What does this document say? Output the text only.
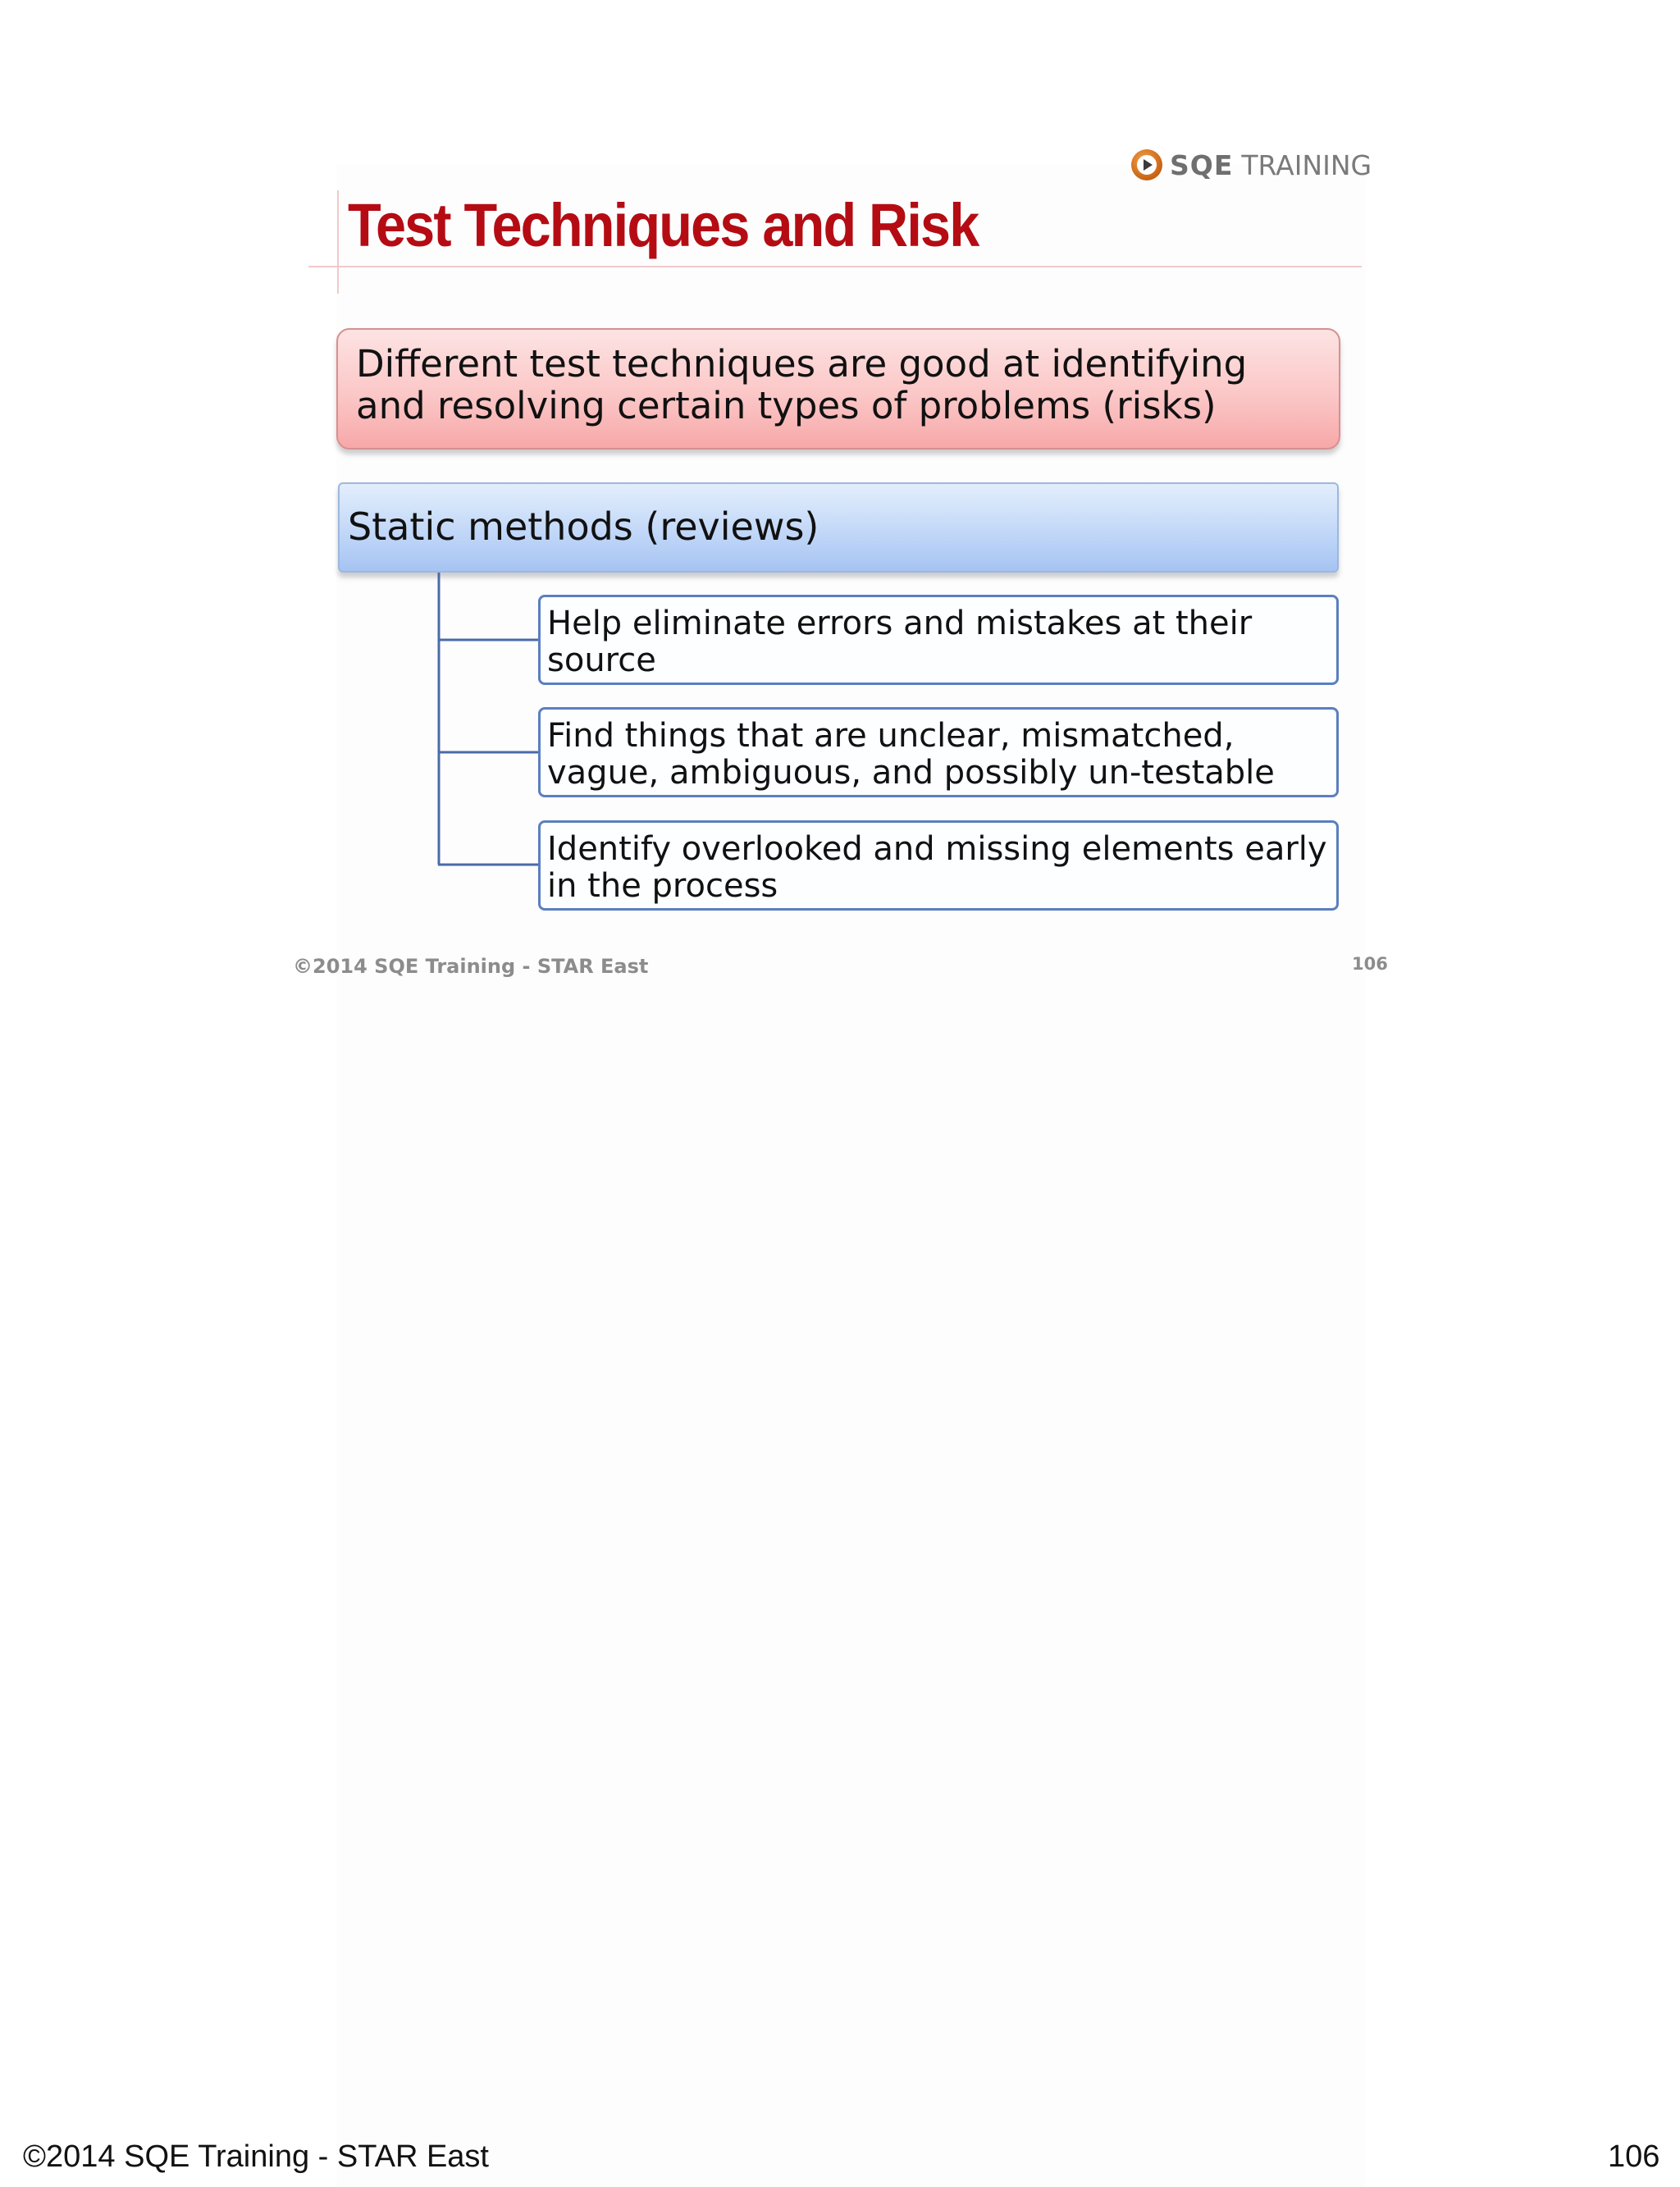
SQE TRAINING
Test Techniques and Risk
Different test techniques are good at identifying and resolving certain types of problems (risks)
Static methods (reviews)
Help eliminate errors and mistakes at their source
Find things that are unclear, mismatched, vague, ambiguous, and possibly un-testable
Identify overlooked and missing elements early in the process
©2014 SQE Training - STAR East	106
©2014 SQE Training - STAR East	106
